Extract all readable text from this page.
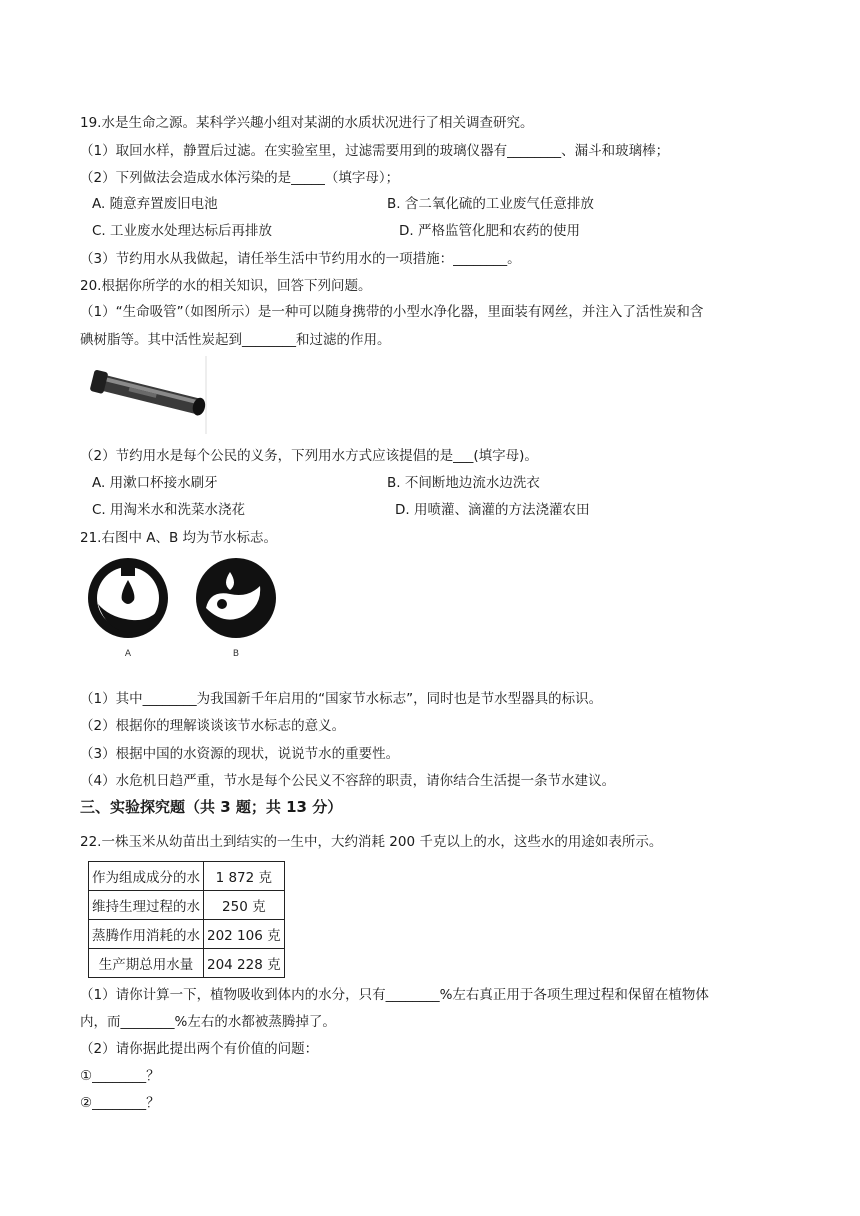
19.水是生命之源。某科学兴趣小组对某湖的水质状况进行了相关调查研究。
（1）取回水样，静置后过滤。在实验室里，过滤需要用到的玻璃仪器有________、漏斗和玻璃棒；
（2）下列做法会造成水体污染的是_____（填字母）；
A. 随意弃置废旧电池	B. 含二氧化硫的工业废气任意排放
C. 工业废水处理达标后再排放	D. 严格监管化肥和农药的使用
（3）节约用水从我做起，请任举生活中节约用水的一项措施：________。
20.根据你所学的水的相关知识，回答下列问题。
（1）“生命吸管”（如图所示）是一种可以随身携带的小型水净化器，里面装有网丝，并注入了活性炭和含
碘树脂等。其中活性炭起到________和过滤的作用。
（2）节约用水是每个公民的义务，下列用水方式应该提倡的是___(填字母)。
A. 用漱口杯接水刷牙	B. 不间断地边流水边洗衣
C. 用淘米水和洗菜水浇花	D. 用喷灌、滴灌的方法浇灌农田
21.右图中 A、B 均为节水标志。
A	B
（1）其中________为我国新千年启用的“国家节水标志”，同时也是节水型器具的标识。
（2）根据你的理解谈谈该节水标志的意义。
（3）根据中国的水资源的现状，说说节水的重要性。
（4）水危机日趋严重，节水是每个公民义不容辞的职责，请你结合生活提一条节水建议。
三、实验探究题（共 3 题；共 13 分）
22.一株玉米从幼苗出土到结实的一生中，大约消耗 200 千克以上的水，这些水的用途如表所示。
作为组成成分的水	1 872 克
维持生理过程的水	250 克
蒸腾作用消耗的水	202 106 克
生产期总用水量	204 228 克
（1）请你计算一下，植物吸收到体内的水分，只有________%左右真正用于各项生理过程和保留在植物体
内，而________%左右的水都被蒸腾掉了。
（2）请你据此提出两个有价值的问题：
①________？
②________？
